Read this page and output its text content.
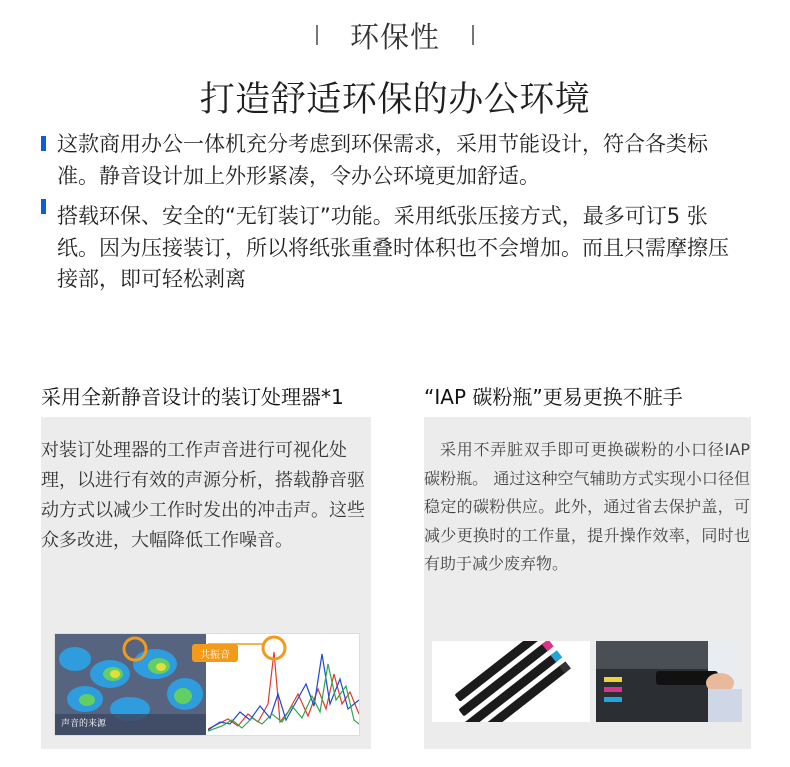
环保性
打造舒适环保的办公环境
这款商用办公一体机充分考虑到环保需求，采用节能设计，符合各类标准。静音设计加上外形紧凑，令办公环境更加舒适。
搭载环保、安全的“无钉装订”功能。采用纸张压接方式，最多可订5 张纸。因为压接装订，所以将纸张重叠时体积也不会增加。而且只需摩擦压接部，即可轻松剥离
采用全新静音设计的装订处理器*1
对装订处理器的工作声音进行可视化处理，以进行有效的声源分析，搭载静音驱动方式以减少工作时发出的冲击声。这些众多改进，大幅降低工作噪音。
声音的来源
共振音
“IAP 碳粉瓶”更易更换不脏手
采用不弄脏双手即可更换碳粉的小口径IAP 碳粉瓶。 通过这种空气辅助方式实现小口径但稳定的碳粉供应。此外，通过省去保护盖，可减少更换时的工作量，提升操作效率，同时也有助于减少废弃物。
